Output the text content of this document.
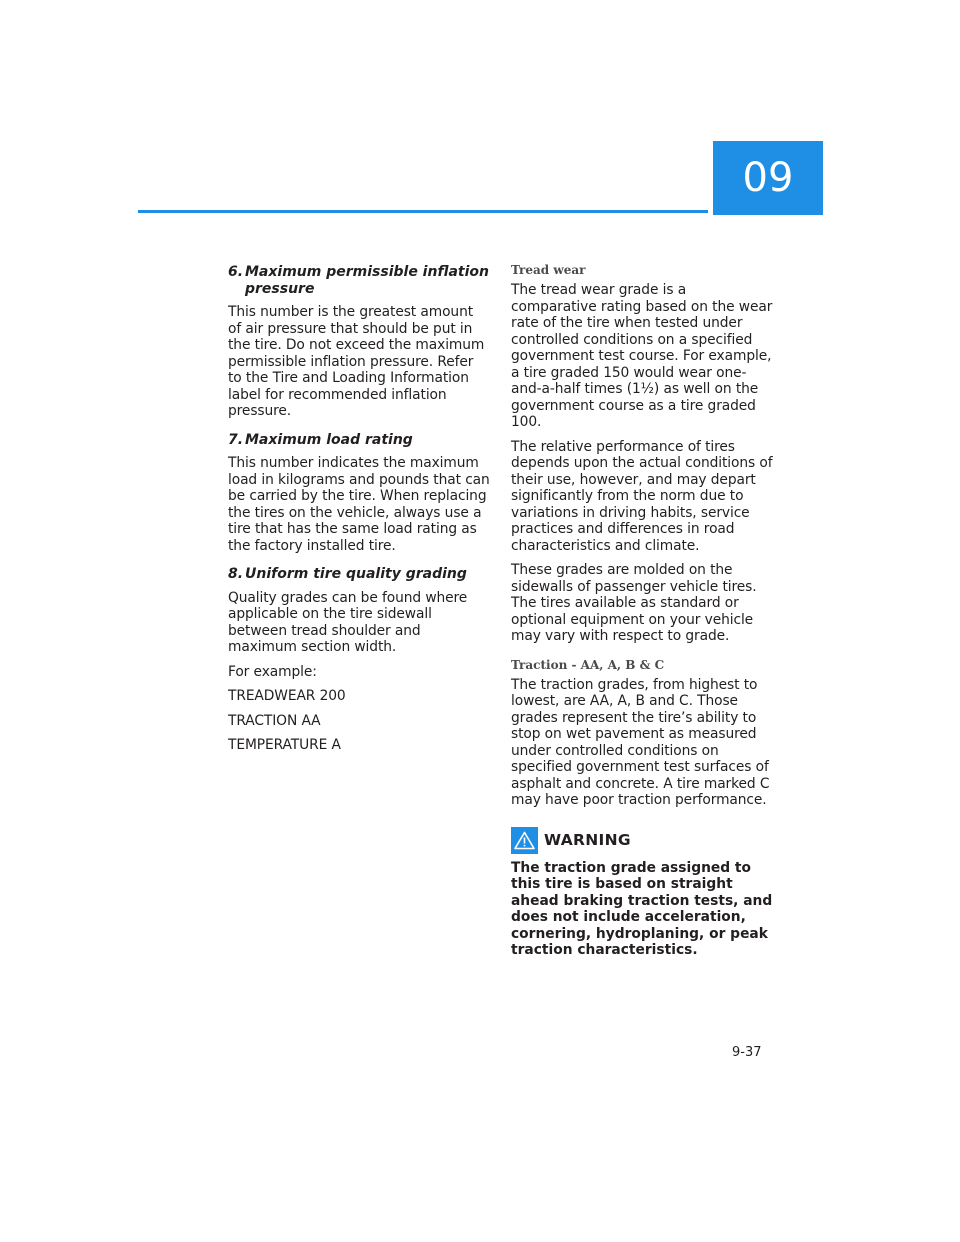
09
6. Maximum permissible inflation pressure

This number is the greatest amount of air pressure that should be put in the tire. Do not exceed the maximum permissible inflation pressure. Refer to the Tire and Loading Information label for recommended inflation pressure.

7. Maximum load rating

This number indicates the maximum load in kilograms and pounds that can be carried by the tire. When replacing the tires on the vehicle, always use a tire that has the same load rating as the factory installed tire.

8. Uniform tire quality grading

Quality grades can be found where applicable on the tire sidewall between tread shoulder and maximum section width.

For example:

TREADWEAR 200

TRACTION AA

TEMPERATURE A

Tread wear

The tread wear grade is a comparative rating based on the wear rate of the tire when tested under controlled conditions on a specified government test course. For example, a tire graded 150 would wear one-and-a-half times (1½) as well on the government course as a tire graded 100.

The relative performance of tires depends upon the actual conditions of their use, however, and may depart significantly from the norm due to variations in driving habits, service practices and differences in road characteristics and climate.

These grades are molded on the sidewalls of passenger vehicle tires. The tires available as standard or optional equipment on your vehicle may vary with respect to grade.

Traction - AA, A, B & C

The traction grades, from highest to lowest, are AA, A, B and C. Those grades represent the tire’s ability to stop on wet pavement as measured under controlled conditions on specified government test surfaces of asphalt and concrete. A tire marked C may have poor traction performance.

WARNING

The traction grade assigned to this tire is based on straight ahead braking traction tests, and does not include acceleration, cornering, hydroplaning, or peak traction characteristics.

9-37
